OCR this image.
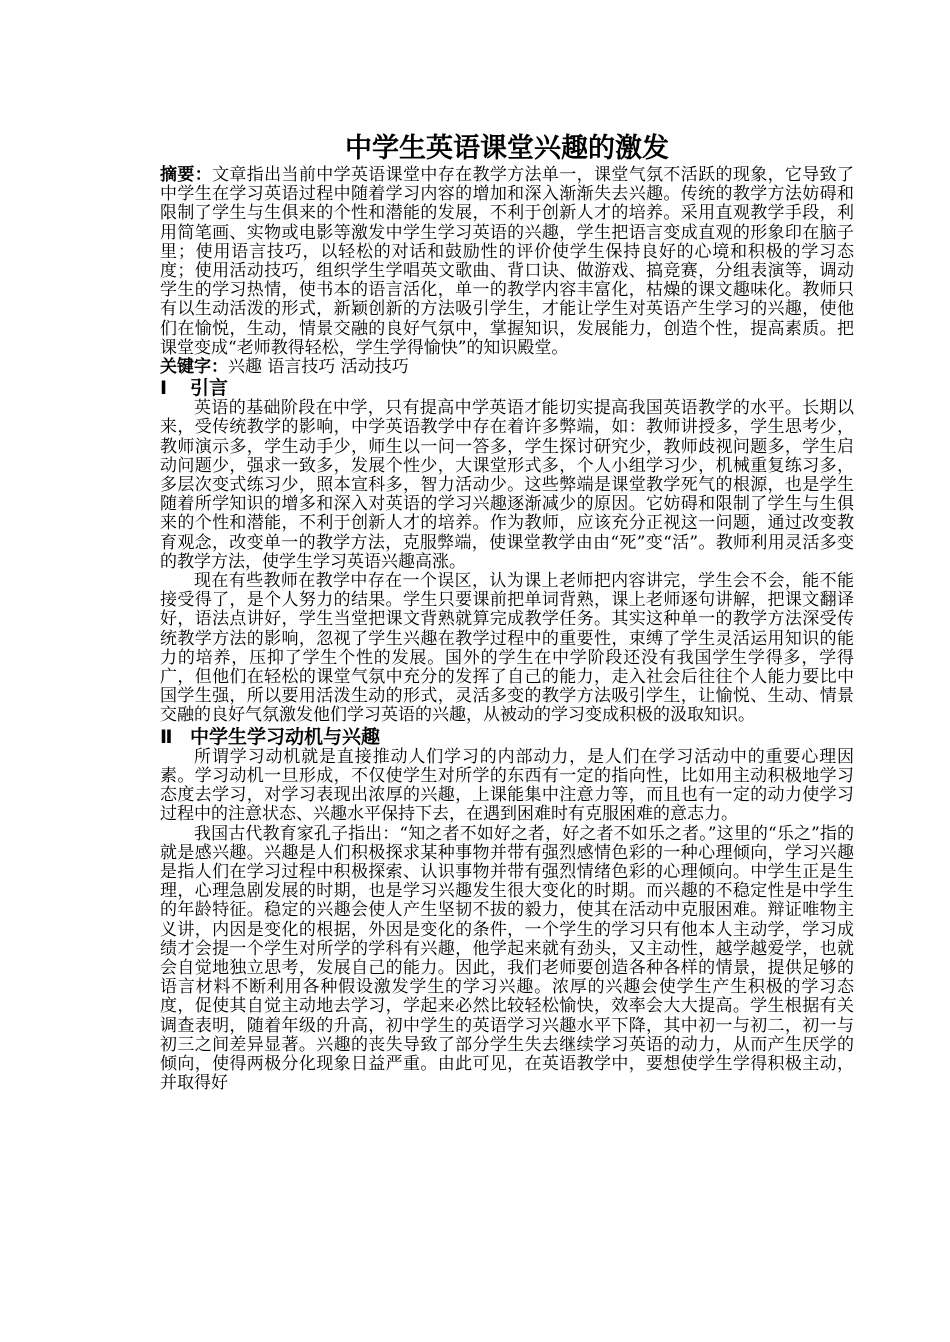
中学生英语课堂兴趣的激发

摘要：文章指出当前中学英语课堂中存在教学方法单一，课堂气氛不活跃的现象，它导致了中学生在学习英语过程中随着学习内容的增加和深入渐渐失去兴趣。传统的教学方法妨碍和限制了学生与生俱来的个性和潜能的发展，不利于创新人才的培养。采用直观教学手段，利用简笔画、实物或电影等激发中学生学习英语的兴趣，学生把语言变成直观的形象印在脑子里；使用语言技巧，以轻松的对话和鼓励性的评价使学生保持良好的心境和积极的学习态度；使用活动技巧，组织学生学唱英文歌曲、背口诀、做游戏、搞竞赛，分组表演等，调动学生的学习热情，使书本的语言活化，单一的教学内容丰富化，枯燥的课文趣味化。教师只有以生动活泼的形式，新颖创新的方法吸引学生，才能让学生对英语产生学习的兴趣，使他们在愉悦，生动，情景交融的良好气氛中，掌握知识，发展能力，创造个性，提高素质。把课堂变成“老师教得轻松，学生学得愉快”的知识殿堂。

关键字：兴趣 语言技巧 活动技巧

Ⅰ 引言

英语的基础阶段在中学，只有提高中学英语才能切实提高我国英语教学的水平。长期以来，受传统教学的影响，中学英语教学中存在着许多弊端，如：教师讲授多，学生思考少，教师演示多，学生动手少，师生以一问一答多，学生探讨研究少，教师歧视问题多，学生启动问题少，强求一致多，发展个性少，大课堂形式多，个人小组学习少，机械重复练习多，多层次变式练习少，照本宣科多，智力活动少。这些弊端是课堂教学死气的根源，也是学生随着所学知识的增多和深入对英语的学习兴趣逐渐减少的原因。它妨碍和限制了学生与生俱来的个性和潜能，不利于创新人才的培养。作为教师，应该充分正视这一问题，通过改变教育观念，改变单一的教学方法，克服弊端，使课堂教学由由“死”变“活”。教师利用灵活多变的教学方法，使学生学习英语兴趣高涨。

现在有些教师在教学中存在一个误区，认为课上老师把内容讲完，学生会不会，能不能接受得了，是个人努力的结果。学生只要课前把单词背熟，课上老师逐句讲解，把课文翻译好，语法点讲好，学生当堂把课文背熟就算完成教学任务。其实这种单一的教学方法深受传统教学方法的影响，忽视了学生兴趣在教学过程中的重要性，束缚了学生灵活运用知识的能力的培养，压抑了学生个性的发展。国外的学生在中学阶段还没有我国学生学得多，学得广，但他们在轻松的课堂气氛中充分的发挥了自己的能力，走入社会后往往个人能力要比中国学生强，所以要用活泼生动的形式，灵活多变的教学方法吸引学生，让愉悦、生动、情景交融的良好气氛激发他们学习英语的兴趣，从被动的学习变成积极的汲取知识。

Ⅱ 中学生学习动机与兴趣

所谓学习动机就是直接推动人们学习的内部动力，是人们在学习活动中的重要心理因素。学习动机一旦形成，不仅使学生对所学的东西有一定的指向性，比如用主动积极地学习态度去学习，对学习表现出浓厚的兴趣，上课能集中注意力等，而且也有一定的动力使学习过程中的注意状态、兴趣水平保持下去，在遇到困难时有克服困难的意志力。

我国古代教育家孔子指出：“知之者不如好之者，好之者不如乐之者。”这里的“乐之”指的就是感兴趣。兴趣是人们积极探求某种事物并带有强烈感情色彩的一种心理倾向，学习兴趣是指人们在学习过程中积极探索、认识事物并带有强烈情绪色彩的心理倾向。中学生正是生理，心理急剧发展的时期，也是学习兴趣发生很大变化的时期。而兴趣的不稳定性是中学生的年龄特征。稳定的兴趣会使人产生坚韧不拔的毅力，使其在活动中克服困难。辩证唯物主义讲，内因是变化的根据，外因是变化的条件，一个学生的学习只有他本人主动学，学习成绩才会提一个学生对所学的学科有兴趣，他学起来就有劲头，又主动性，越学越爱学，也就会自觉地独立思考，发展自己的能力。因此，我们老师要创造各种各样的情景，提供足够的语言材料不断利用各种假设激发学生的学习兴趣。浓厚的兴趣会使学生产生积极的学习态度，促使其自觉主动地去学习，学起来必然比较轻松愉快，效率会大大提高。学生根据有关调查表明，随着年级的升高，初中学生的英语学习兴趣水平下降，其中初一与初二，初一与初三之间差异显著。兴趣的丧失导致了部分学生失去继续学习英语的动力，从而产生厌学的倾向，使得两极分化现象日益严重。由此可见，在英语教学中，要想使学生学得积极主动，并取得好
